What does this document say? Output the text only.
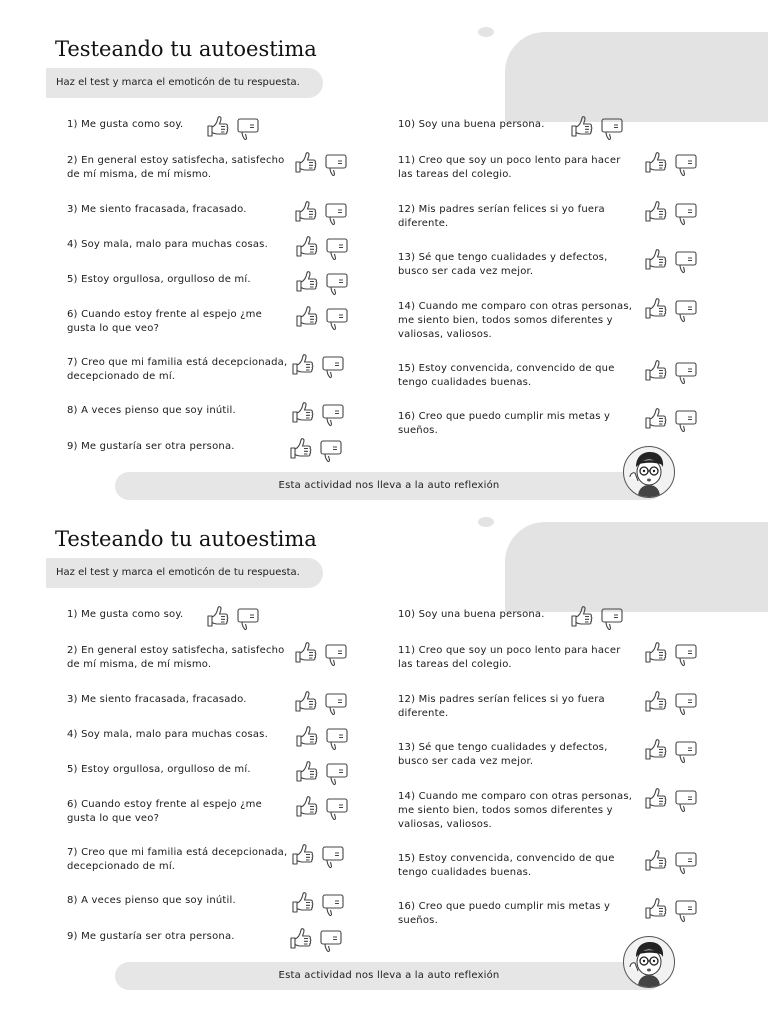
Testeando tu autoestima
Haz el test y marca el emoticón de tu respuesta.
1) Me gusta como soy.
2) En general estoy satisfecha, satisfecho de mí misma, de mí mismo.
3) Me siento fracasada, fracasado.
4) Soy mala, malo para muchas cosas.
5) Estoy orgullosa, orgulloso de mí.
6) Cuando estoy frente al espejo ¿me gusta lo que veo?
7) Creo que mi familia está decepcionada, decepcionado de mí.
8) A veces pienso que soy inútil.
9) Me gustaría ser otra persona.
10) Soy una buena persona.
11) Creo que soy un poco lento para hacer las tareas del colegio.
12) Mis padres serían felices si yo fuera diferente.
13) Sé que tengo cualidades y defectos, busco ser cada vez mejor.
14) Cuando me comparo con otras personas, me siento bien, todos somos diferentes y valiosas, valiosos.
15) Estoy convencida, convencido de que tengo cualidades buenas.
16) Creo que puedo cumplir mis metas y sueños.
Esta actividad nos lleva a la auto reflexión
Testeando tu autoestima
Haz el test y marca el emoticón de tu respuesta.
1) Me gusta como soy.
2) En general estoy satisfecha, satisfecho de mí misma, de mí mismo.
3) Me siento fracasada, fracasado.
4) Soy mala, malo para muchas cosas.
5) Estoy orgullosa, orgulloso de mí.
6) Cuando estoy frente al espejo ¿me gusta lo que veo?
7) Creo que mi familia está decepcionada, decepcionado de mí.
8) A veces pienso que soy inútil.
9) Me gustaría ser otra persona.
10) Soy una buena persona.
11) Creo que soy un poco lento para hacer las tareas del colegio.
12) Mis padres serían felices si yo fuera diferente.
13) Sé que tengo cualidades y defectos, busco ser cada vez mejor.
14) Cuando me comparo con otras personas, me siento bien, todos somos diferentes y valiosas, valiosos.
15) Estoy convencida, convencido de que tengo cualidades buenas.
16) Creo que puedo cumplir mis metas y sueños.
Esta actividad nos lleva a la auto reflexión
